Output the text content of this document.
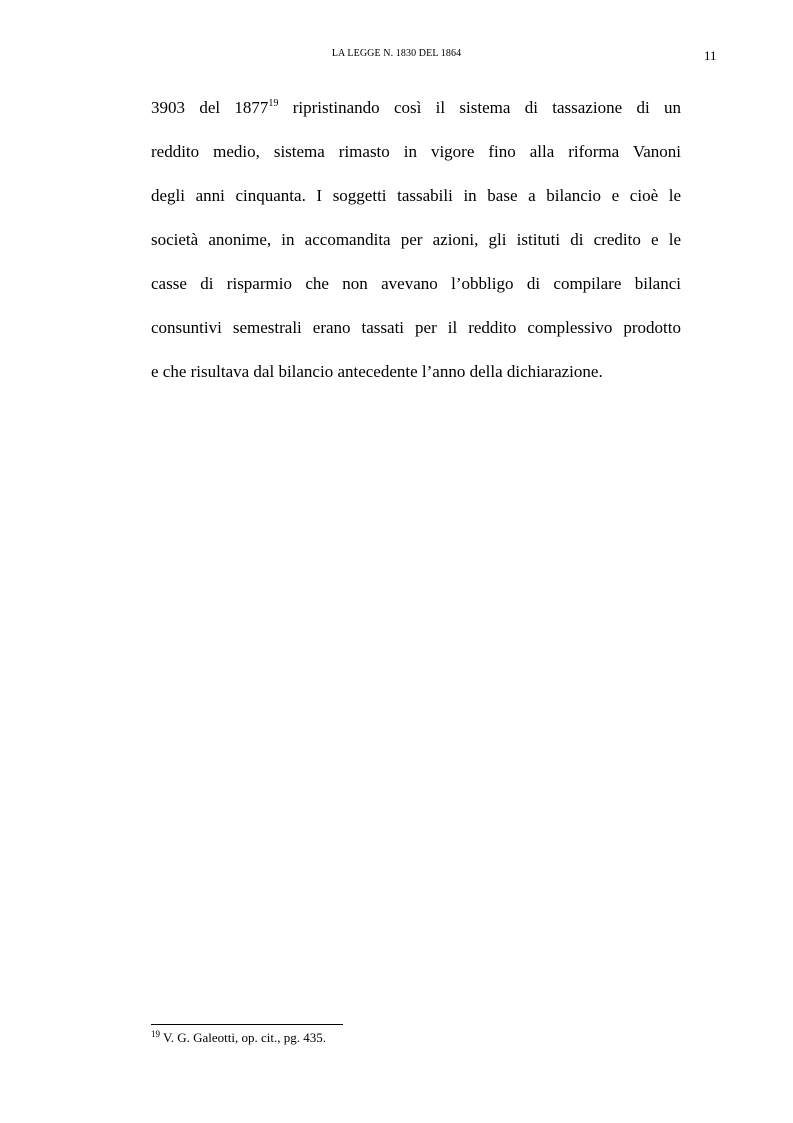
LA LEGGE N. 1830 DEL 1864	11
3903 del 1877$^{19}$ ripristinando così il sistema di tassazione di un
reddito medio, sistema rimasto in vigore fino alla riforma Vanoni
degli anni cinquanta. I soggetti tassabili in base a bilancio e cioè le
società anonime, in accomandita per azioni, gli istituti di credito e le
casse di risparmio che non avevano l’obbligo di compilare bilanci
consuntivi semestrali erano tassati per il reddito complessivo prodotto
e che risultava dal bilancio antecedente l’anno della dichiarazione.
$^{19}$ V. G. Galeotti, op. cit., pg. 435.
